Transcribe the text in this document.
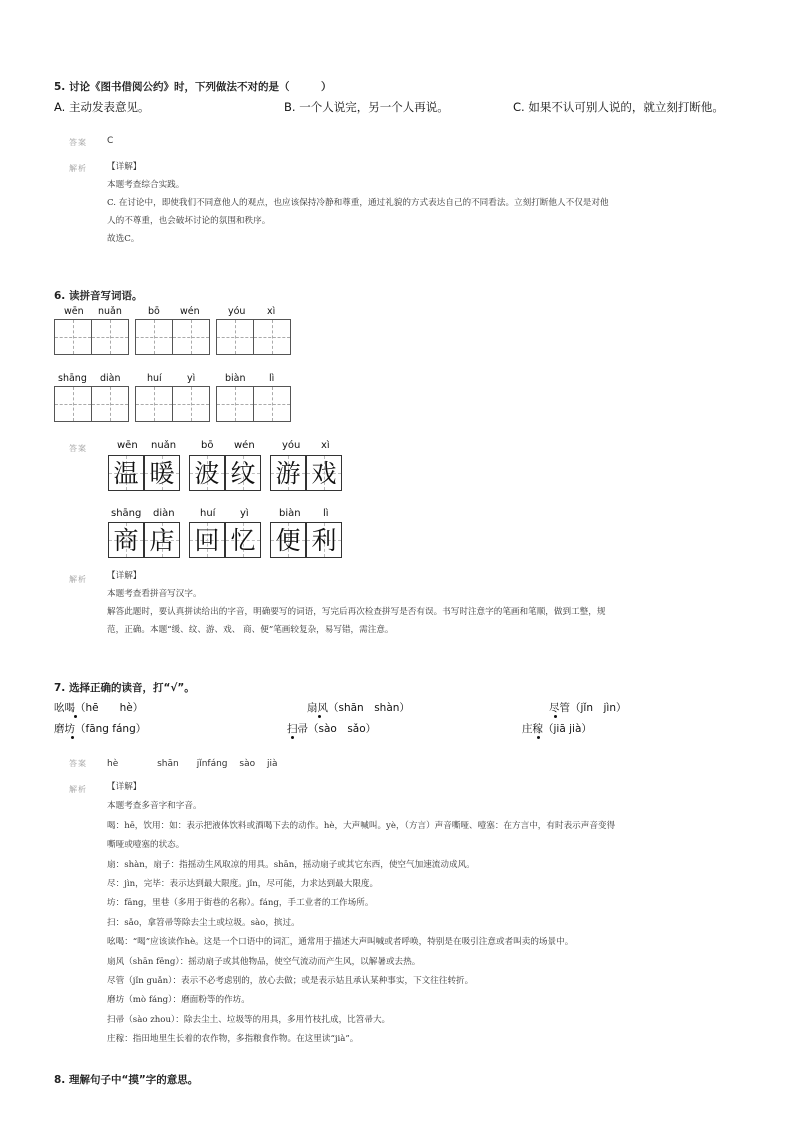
5. 讨论《图书借阅公约》时，下列做法不对的是（　　　）
A. 主动发表意见。	B. 一个人说完，另一个人再说。	C. 如果不认可别人说的，就立刻打断他。
答案 C
解析 【详解】

本题考查综合实践。

C. 在讨论中，即使我们不同意他人的观点，也应该保持冷静和尊重，通过礼貌的方式表达自己的不同看法。立刻打断他人不仅是对他

人的不尊重，也会破坏讨论的氛围和秩序。

故选C。

6. 读拼音写词语。
wēn nuǎn	bō wén	yóu xì
shāng diàn	huí	yì	biàn lì
答案	wēn nuǎn bō wén	yóu xì
温 暖 波 纹 游 戏
shāng diàn	huí yì	biàn lì
商 店 回 忆 便 利
解析 【详解】

本题考查看拼音写汉字。

解答此题时，要认真拼读给出的字音，明确要写的词语，写完后再次检查拼写是否有误。书写时注意字的笔画和笔顺，做到工整，规

范，正确。本题“缓、纹、游、戏、 商、便”笔画较复杂，易写错，需注意。

7. 选择正确的读音，打“√”。
吆喝（hē　　hè）	扇风（shān　shàn）	尽管（jǐn　jìn）
磨坊（fāng fáng）	扫帚（sào　sǎo）	庄稼（jiā jià）
答案 hè　　　　 shān　　jǐnfáng　 sào　 jià
解析 【详解】

本题考查多音字和字音。

喝：hē，饮用：如：表示把液体饮料或酒喝下去的动作。hè，大声喊叫。yè，（方言）声音嘶哑、噎塞：在方言中，有时表示声音变得

嘶哑或噎塞的状态。

扇：shàn，扇子：指摇动生风取凉的用具。shān，摇动扇子或其它东西，使空气加速流动成风。

尽：jìn，完毕：表示达到最大限度。jǐn，尽可能，力求达到最大限度。

坊：fāng，里巷（多用于街巷的名称）。fáng，手工业者的工作场所。

扫：sǎo，拿笤帚等除去尘土或垃圾。sào，摈过。

吆喝：“喝”应该读作hè。这是一个口语中的词汇，通常用于描述大声叫喊或者呼唤，特别是在吸引注意或者叫卖的场景中。

扇风（shān fēng）：摇动扇子或其他物品，使空气流动而产生风，以解暑或去热。

尽管（jǐn guǎn）：表示不必考虑别的，放心去做；或是表示姑且承认某种事实，下文往往转折。

磨坊（mò fáng）：磨面粉等的作坊。

扫帚（sào zhou）：除去尘土、垃圾等的用具，多用竹枝扎成，比笤帚大。

庄稼：指田地里生长着的农作物，多指粮食作物。在这里读“jià”。

8. 理解句子中“摸”字的意思。
